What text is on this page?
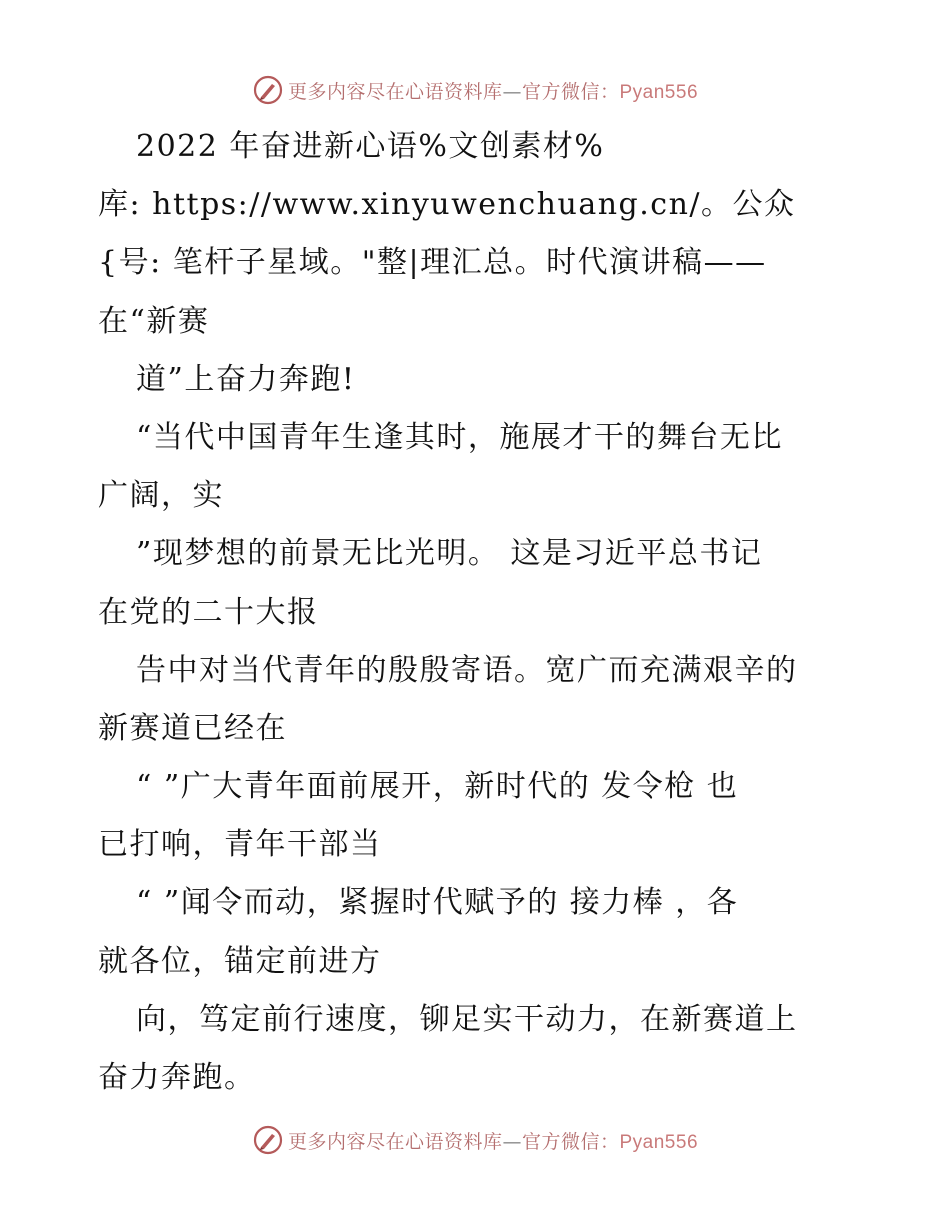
更多内容尽在心语资料库—官方微信：Pyan556
2022 年奋进新心语%文创素材%
库: https://www.xinyuwenchuang.cn/。公众
{号: 笔杆子星域。"整|理汇总。时代演讲稿——
在“新赛
道”上奋力奔跑!
“当代中国青年生逢其时，施展才干的舞台无比
广阔，实
”现梦想的前景无比光明。 这是习近平总书记
在党的二十大报
告中对当代青年的殷殷寄语。宽广而充满艰辛的
新赛道已经在
“ ”广大青年面前展开，新时代的 发令枪 也
已打响，青年干部当
“ ”闻令而动，紧握时代赋予的 接力棒 ，各
就各位，锚定前进方
向，笃定前行速度，铆足实干动力，在新赛道上
奋力奔跑。
更多内容尽在心语资料库—官方微信：Pyan556
